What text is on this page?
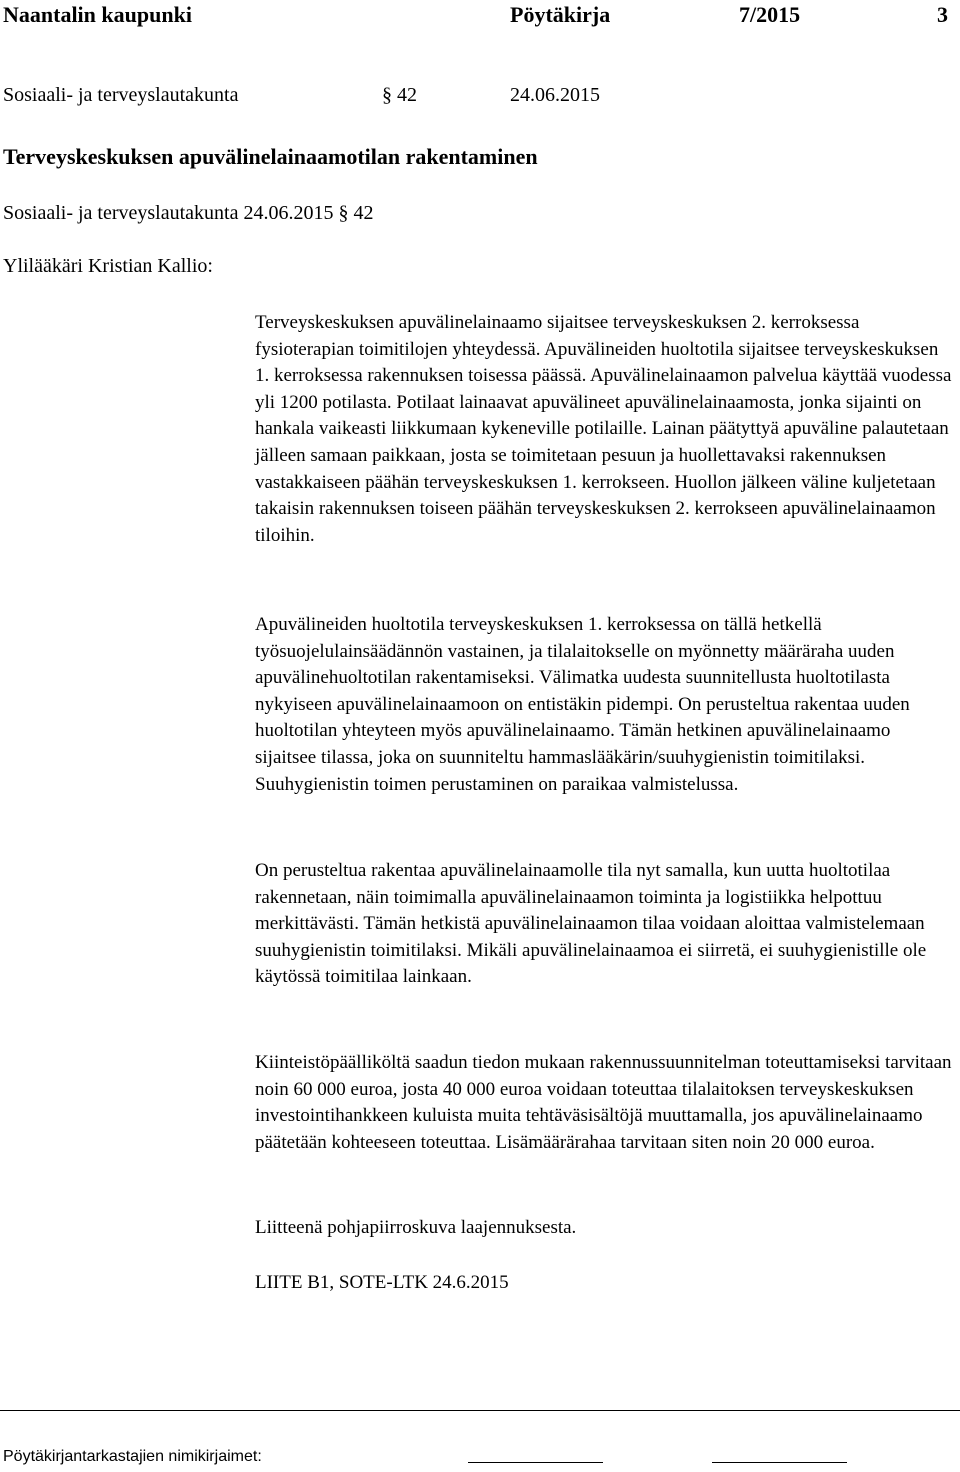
Naantalin kaupunki	Pöytäkirja	7/2015	3
Sosiaali- ja terveyslautakunta	§ 42	24.06.2015
Terveyskeskuksen apuvälinelainaamotilan rakentaminen
Sosiaali- ja terveyslautakunta 24.06.2015 § 42
Ylilääkäri Kristian Kallio:

Terveyskeskuksen apuvälinelainaamo sijaitsee terveyskeskuksen 2. kerroksessa fysioterapian toimitilojen yhteydessä. Apuvälineiden huoltotila sijaitsee terveyskeskuksen 1. kerroksessa rakennuksen toisessa päässä. Apuvälinelainaamon palvelua käyttää vuodessa yli 1200 potilasta. Potilaat lainaavat apuvälineet apuvälinelainaamosta, jonka sijainti on hankala vaikeasti liikkumaan kykeneville potilaille. Lainan päätyttyä apuväline palautetaan jälleen samaan paikkaan, josta se toimitetaan pesuun ja huollettavaksi rakennuksen vastakkaiseen päähän terveyskeskuksen 1. kerrokseen. Huollon jälkeen väline kuljetetaan takaisin rakennuksen toiseen päähän terveyskeskuksen 2. kerrokseen apuvälinelainaamon tiloihin.

Apuvälineiden huoltotila terveyskeskuksen 1. kerroksessa on tällä hetkellä työsuojelulainsäädännön vastainen, ja tilalaitokselle on myönnetty määräraha uuden apuvälinehuoltotilan rakentamiseksi. Välimatka uudesta suunnitellusta huoltotilasta nykyiseen apuvälinelainaamoon on entistäkin pidempi. On perusteltua rakentaa uuden huoltotilan yhteyteen myös apuvälinelainaamo. Tämän hetkinen apuvälinelainaamo sijaitsee tilassa, joka on suunniteltu hammaslääkärin/suuhygienistin toimitilaksi. Suuhygienistin toimen perustaminen on paraikaa valmistelussa.

On perusteltua rakentaa apuvälinelainaamolle tila nyt samalla, kun uutta huoltotilaa rakennetaan, näin toimimalla apuvälinelainaamon toiminta ja logistiikka helpottuu merkittävästi. Tämän hetkistä apuvälinelainaamon tilaa voidaan aloittaa valmistelemaan suuhygienistin toimitilaksi. Mikäli apuvälinelainaamoa ei siirretä, ei suuhygienistille ole käytössä toimitilaa lainkaan.

Kiinteistöpäälliköltä saadun tiedon mukaan rakennussuunnitelman toteuttamiseksi tarvitaan noin 60 000 euroa, josta 40 000 euroa voidaan toteuttaa tilalaitoksen terveyskeskuksen investointihankkeen kuluista muita tehtäväsisältöjä muuttamalla, jos apuvälinelainaamo päätetään kohteeseen toteuttaa. Lisämäärärahaa tarvitaan siten noin 20 000 euroa.

Liitteenä pohjapiirroskuva laajennuksesta.

LIITE B1, SOTE-LTK 24.6.2015

Pöytäkirjantarkastajien nimikirjaimet:
